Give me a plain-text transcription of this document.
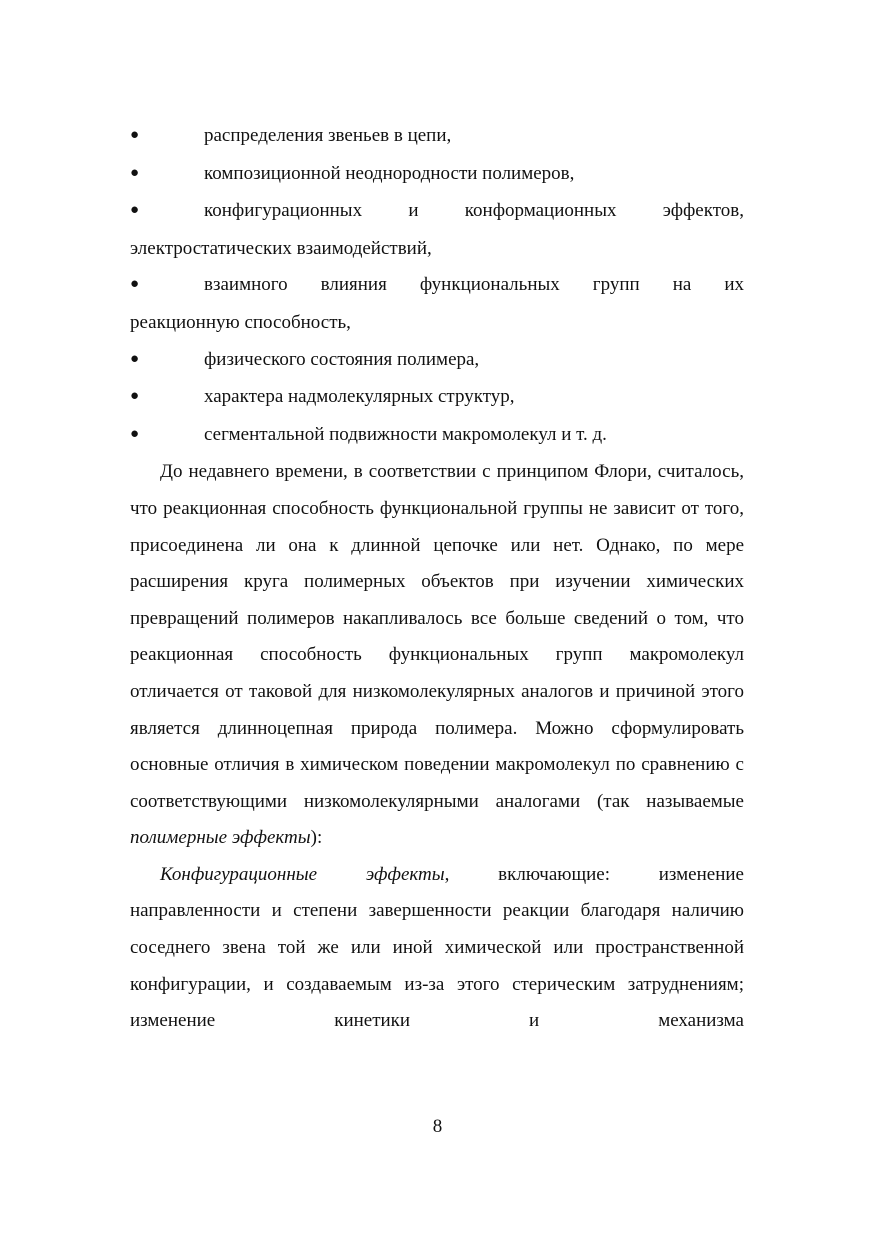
●	распределения звеньев в цепи,
●	композиционной неоднородности полимеров,
●	конфигурационных и конформационных эффектов,
электростатических взаимодействий,
●	взаимного влияния функциональных групп на их
реакционную способность,
●	физического состояния полимера,
●	характера надмолекулярных структур,
●	сегментальной подвижности макромолекул и т. д.

До недавнего времени, в соответствии с принципом Флори, считалось, что реакционная способность функциональной группы не зависит от того, присоединена ли она к длинной цепочке или нет. Однако, по мере расширения круга полимерных объектов при изучении химических превращений полимеров накапливалось все больше сведений о том, что реакционная способность функциональных групп макромолекул отличается от таковой для низкомолекулярных аналогов и причиной этого является длинноцепная природа полимера. Можно сформулировать основные отличия в химическом поведении макромолекул по сравнению с соответствующими низкомолекулярными аналогами (так называемые полимерные эффекты):

Конфигурационные эффекты, включающие: изменение направленности и степени завершенности реакции благодаря наличию соседнего звена той же или иной химической или пространственной конфигурации, и создаваемым из-за этого стерическим затруднениям; изменение кинетики и механизма

8
